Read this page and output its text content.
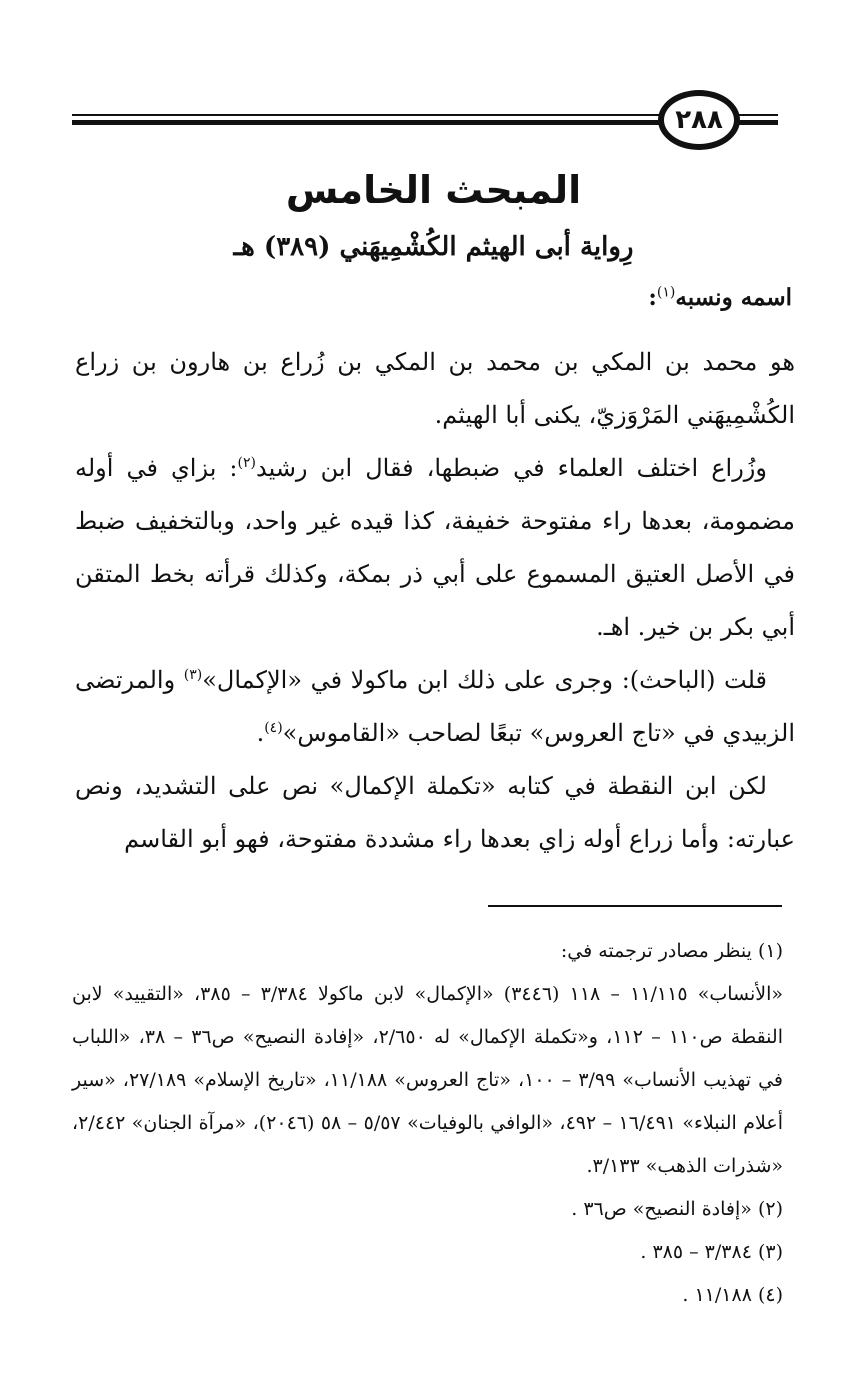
٢٨٨
المبحث الخامس
رِواية أبى الهيثم الكُشْمِيهَني (٣٨٩) هـ
اسمه ونسبه$^{(١)}$:

هو محمد بن المكي بن محمد بن المكي بن زُراع بن هارون بن زراع الكُشْمِيهَني المَرْوَزيّ، يكنى أبا الهيثم.

وزُراع اختلف العلماء في ضبطها، فقال ابن رشيد$^{(٢)}$: بزاي في أوله مضمومة، بعدها راء مفتوحة خفيفة، كذا قيده غير واحد، وبالتخفيف ضبط في الأصل العتيق المسموع على أبي ذر بمكة، وكذلك قرأته بخط المتقن أبي بكر بن خير. اهـ.

قلت (الباحث): وجرى على ذلك ابن ماكولا في «الإكمال»$^{(٣)}$ والمرتضى الزبيدي في «تاج العروس» تبعًا لصاحب «القاموس»$^{(٤)}$.

لكن ابن النقطة في كتابه «تكملة الإكمال» نص على التشديد، ونص عبارته: وأما زراع أوله زاي بعدها راء مشددة مفتوحة، فهو أبو القاسم

(١) ينظر مصادر ترجمته في:

«الأنساب» ١١/١١٥ – ١١٨ (٣٤٤٦) «الإكمال» لابن ماكولا ٣/٣٨٤ – ٣٨٥، «التقييد» لابن النقطة ص١١٠ – ١١٢، و«تكملة الإكمال» له ٢/٦٥٠، «إفادة النصيح» ص٣٦ – ٣٨، «اللباب في تهذيب الأنساب» ٣/٩٩ – ١٠٠، «تاج العروس» ١١/١٨٨، «تاريخ الإسلام» ٢٧/١٨٩، «سير أعلام النبلاء» ١٦/٤٩١ – ٤٩٢، «الوافي بالوفيات» ٥/٥٧ – ٥٨ (٢٠٤٦)، «مرآة الجنان» ٢/٤٤٢، «شذرات الذهب» ٣/١٣٣.

(٢) «إفادة النصيح» ص٣٦ .

(٣) ٣/٣٨٤ – ٣٨٥ .

(٤) ١١/١٨٨ .
